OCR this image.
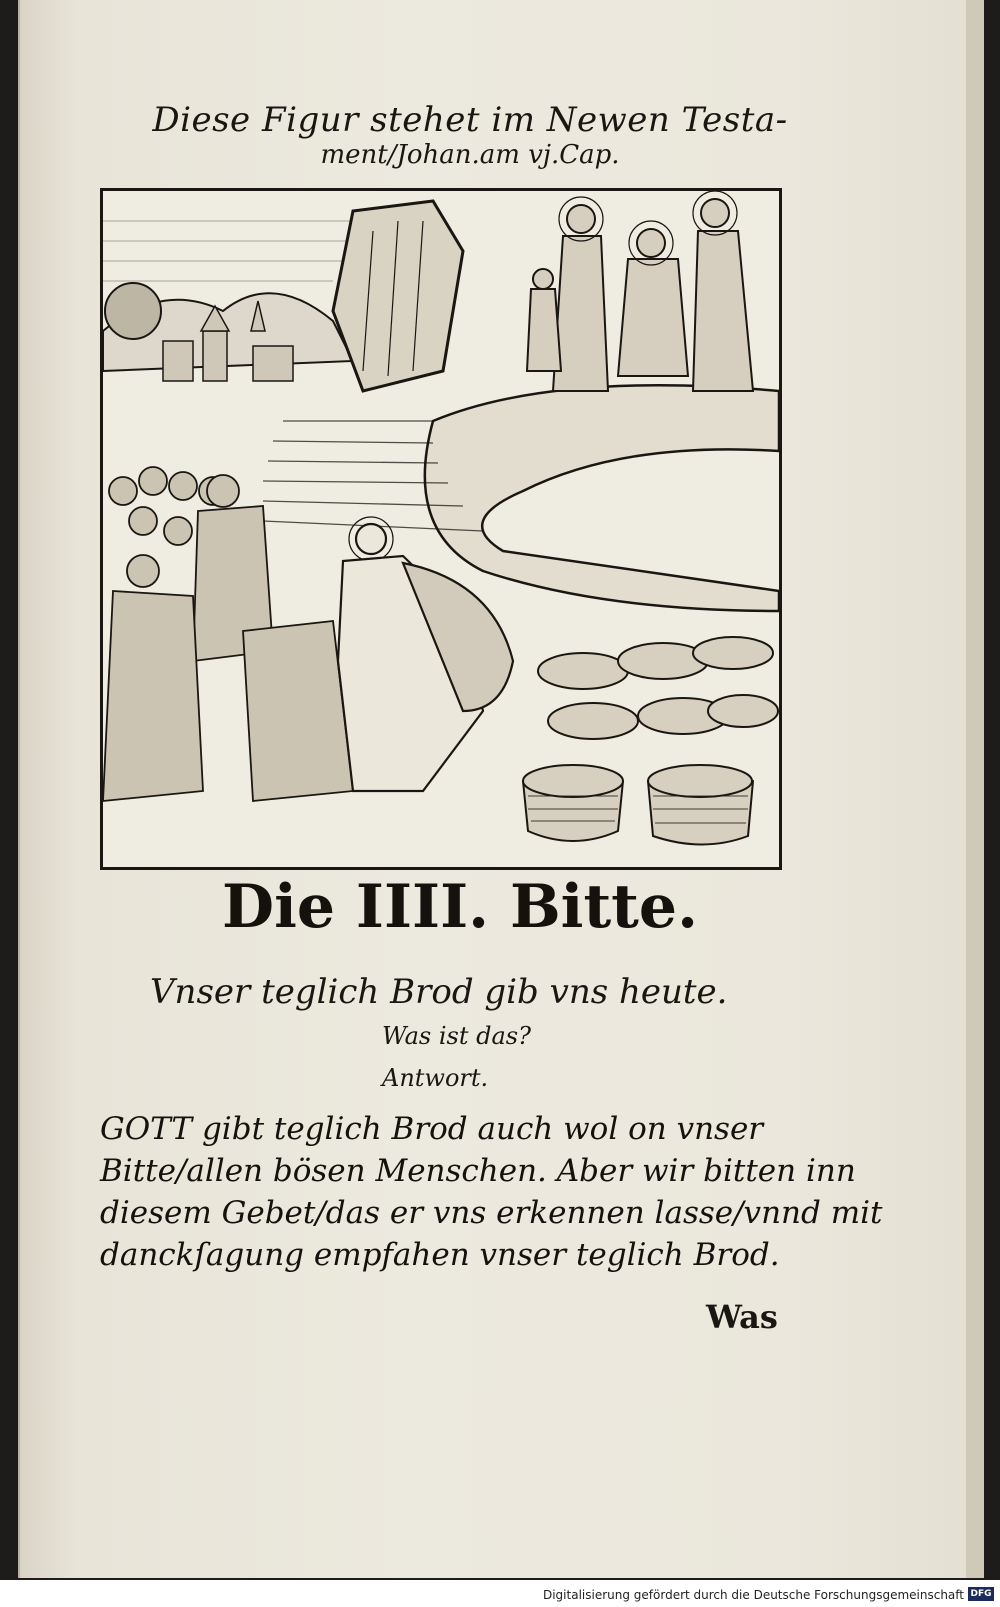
Diese Figur stehet im Newen Testa-
ment/Johan.am vj.Cap.
Die IIII. Bitte.
Vnser teglich Brod gib vns heute.
Was ist das?
Antwort.
GOTT gibt teglich Brod auch wol on vnser
Bitte/allen bösen Menschen. Aber wir bitten inn
diesem Gebet/das er vns erkennen lasse/vnnd mit
danckſagung empfahen vnser teglich Brod.
Was
Digitalisierung gefördert durch die Deutsche Forschungsgemeinschaft DFG
